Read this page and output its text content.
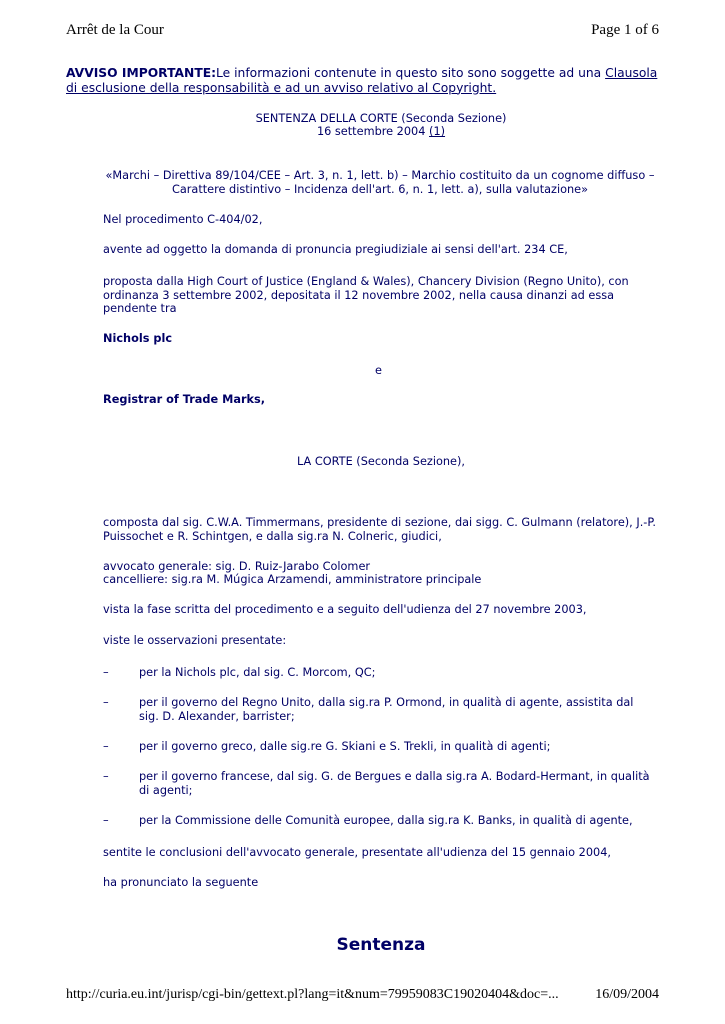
Arrêt de la Cour	Page 1 of 6
AVVISO IMPORTANTE:Le informazioni contenute in questo sito sono soggette ad una Clausola di esclusione della responsabilità e ad un avviso relativo al Copyright.
SENTENZA DELLA CORTE (Seconda Sezione)
16 settembre 2004 (1)
«Marchi – Direttiva 89/104/CEE – Art. 3, n. 1, lett. b) – Marchio costituito da un cognome diffuso – Carattere distintivo – Incidenza dell'art. 6, n. 1, lett. a), sulla valutazione»
Nel procedimento C-404/02,
avente ad oggetto la domanda di pronuncia pregiudiziale ai sensi dell'art. 234 CE,
proposta dalla High Court of Justice (England & Wales), Chancery Division (Regno Unito), con ordinanza 3 settembre 2002, depositata il 12 novembre 2002, nella causa dinanzi ad essa pendente tra
Nichols plc
e
Registrar of Trade Marks,
LA CORTE (Seconda Sezione),
composta dal sig. C.W.A. Timmermans, presidente di sezione, dai sigg. C. Gulmann (relatore), J.-P. Puissochet e R. Schintgen, e dalla sig.ra N. Colneric, giudici,
avvocato generale: sig. D. Ruiz-Jarabo Colomer
cancelliere: sig.ra M. Múgica Arzamendi, amministratore principale
vista la fase scritta del procedimento e a seguito dell'udienza del 27 novembre 2003,
viste le osservazioni presentate:
–	per la Nichols plc, dal sig. C. Morcom, QC;
–	per il governo del Regno Unito, dalla sig.ra P. Ormond, in qualità di agente, assistita dal sig. D. Alexander, barrister;
–	per il governo greco, dalle sig.re G. Skiani e S. Trekli, in qualità di agenti;
–	per il governo francese, dal sig. G. de Bergues e dalla sig.ra A. Bodard-Hermant, in qualità di agenti;
–	per la Commissione delle Comunità europee, dalla sig.ra K. Banks, in qualità di agente,
sentite le conclusioni dell'avvocato generale, presentate all'udienza del 15 gennaio 2004,
ha pronunciato la seguente
Sentenza
http://curia.eu.int/jurisp/cgi-bin/gettext.pl?lang=it&num=79959083C19020404&doc=...	16/09/2004
